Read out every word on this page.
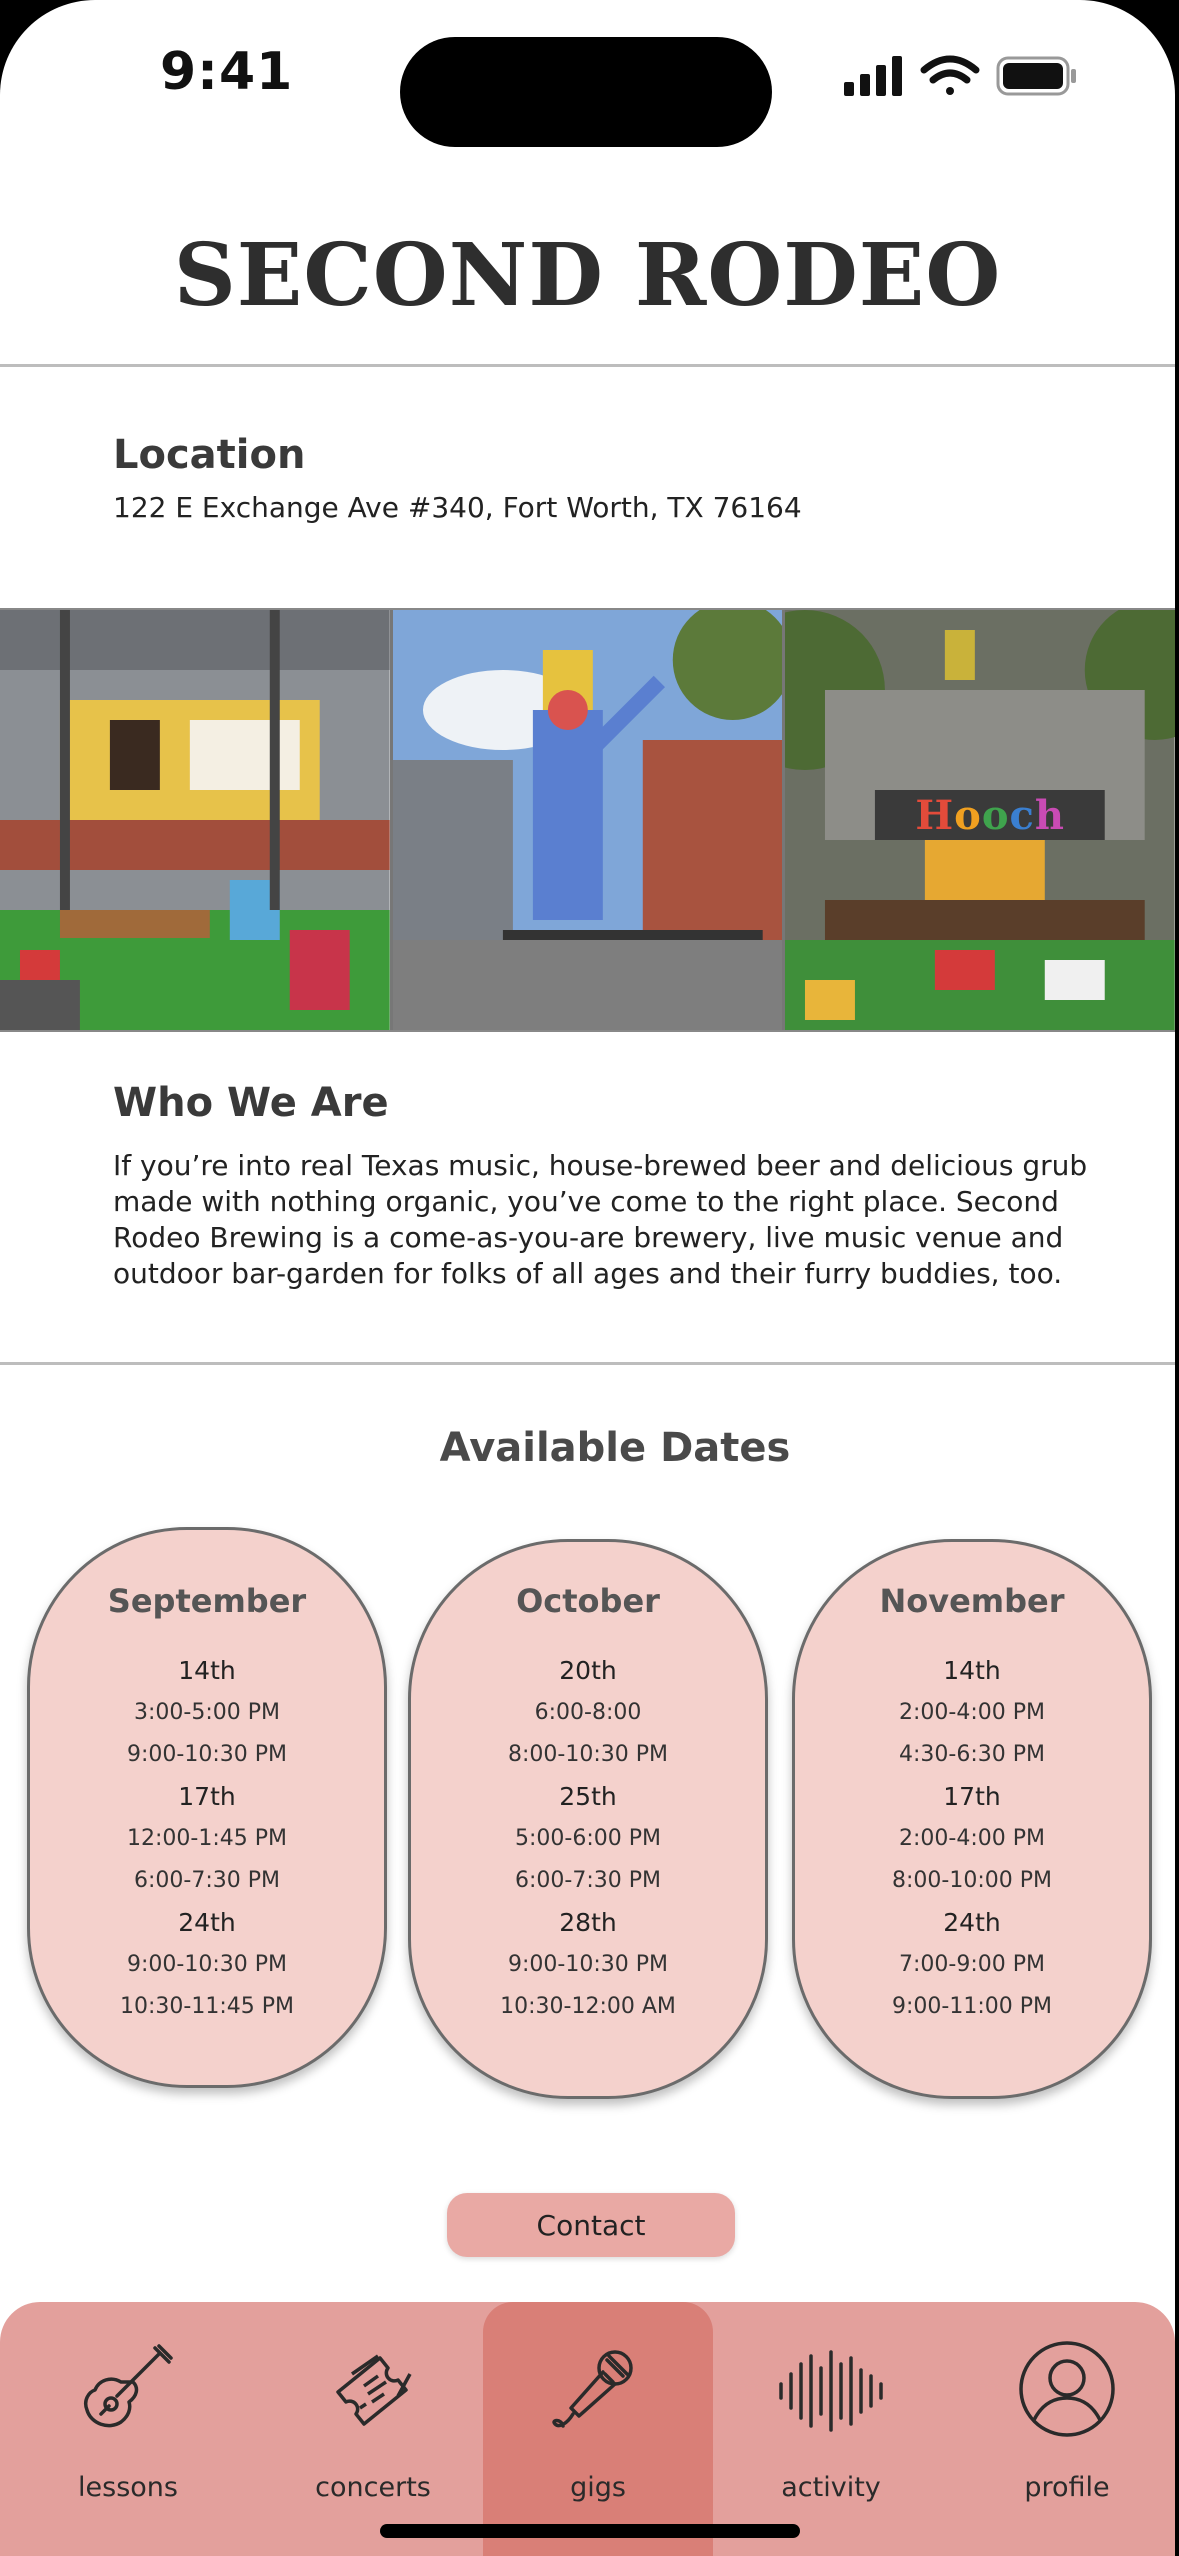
9:41
SECOND RODEO
Location
122 E Exchange Ave #340, Fort Worth, TX 76164
Hooch
Who We Are
If you’re into real Texas music, house-brewed beer and delicious grub
made with nothing organic, you’ve come to the right place. Second
Rodeo Brewing is a come-as-you-are brewery, live music venue and
outdoor bar-garden for folks of all ages and their furry buddies, too.
Available Dates
September
14th
3:00-5:00 PM
9:00-10:30 PM
17th
12:00-1:45 PM
6:00-7:30 PM
24th
9:00-10:30 PM
10:30-11:45 PM
October
20th
6:00-8:00
8:00-10:30 PM
25th
5:00-6:00 PM
6:00-7:30 PM
28th
9:00-10:30 PM
10:30-12:00 AM
November
14th
2:00-4:00 PM
4:30-6:30 PM
17th
2:00-4:00 PM
8:00-10:00 PM
24th
7:00-9:00 PM
9:00-11:00 PM
Contact
lessons	concerts	gigs	activity	profile
